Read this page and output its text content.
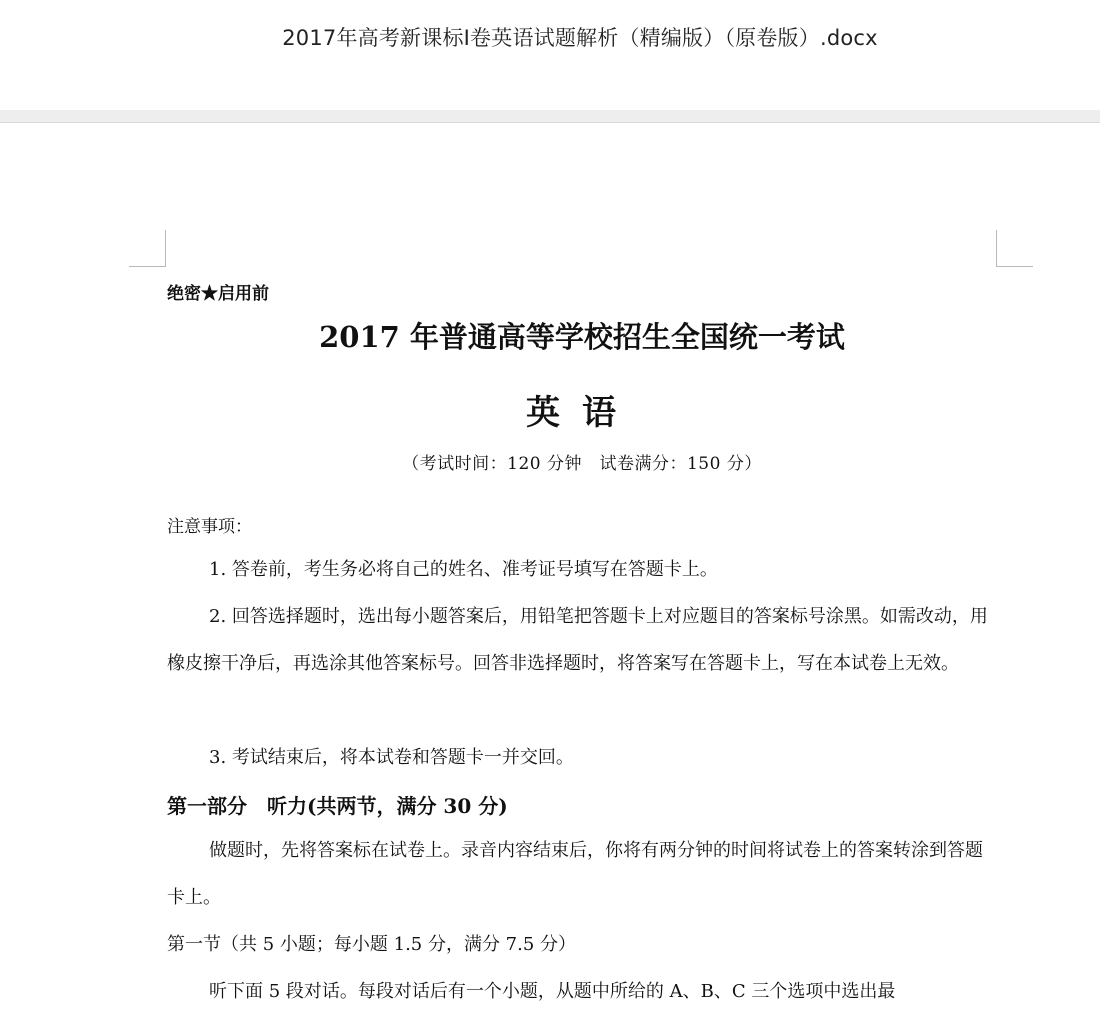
2017年高考新课标Ⅰ卷英语试题解析（精编版）（原卷版）.docx
绝密★启用前
2017 年普通高等学校招生全国统一考试
英语
（考试时间：120 分钟　试卷满分：150 分）
注意事项：
1. 答卷前，考生务必将自己的姓名、准考证号填写在答题卡上。
2. 回答选择题时，选出每小题答案后，用铅笔把答题卡上对应题目的答案标号涂黑。如需改动，用橡皮擦干净后，再选涂其他答案标号。回答非选择题时，将答案写在答题卡上，写在本试卷上无效。
3. 考试结束后，将本试卷和答题卡一并交回。
第一部分　听力(共两节，满分 30 分)
做题时，先将答案标在试卷上。录音内容结束后，你将有两分钟的时间将试卷上的答案转涂到答题卡上。
第一节（共 5 小题；每小题 1.5 分，满分 7.5 分）
听下面 5 段对话。每段对话后有一个小题，从题中所给的 A、B、C 三个选项中选出最
